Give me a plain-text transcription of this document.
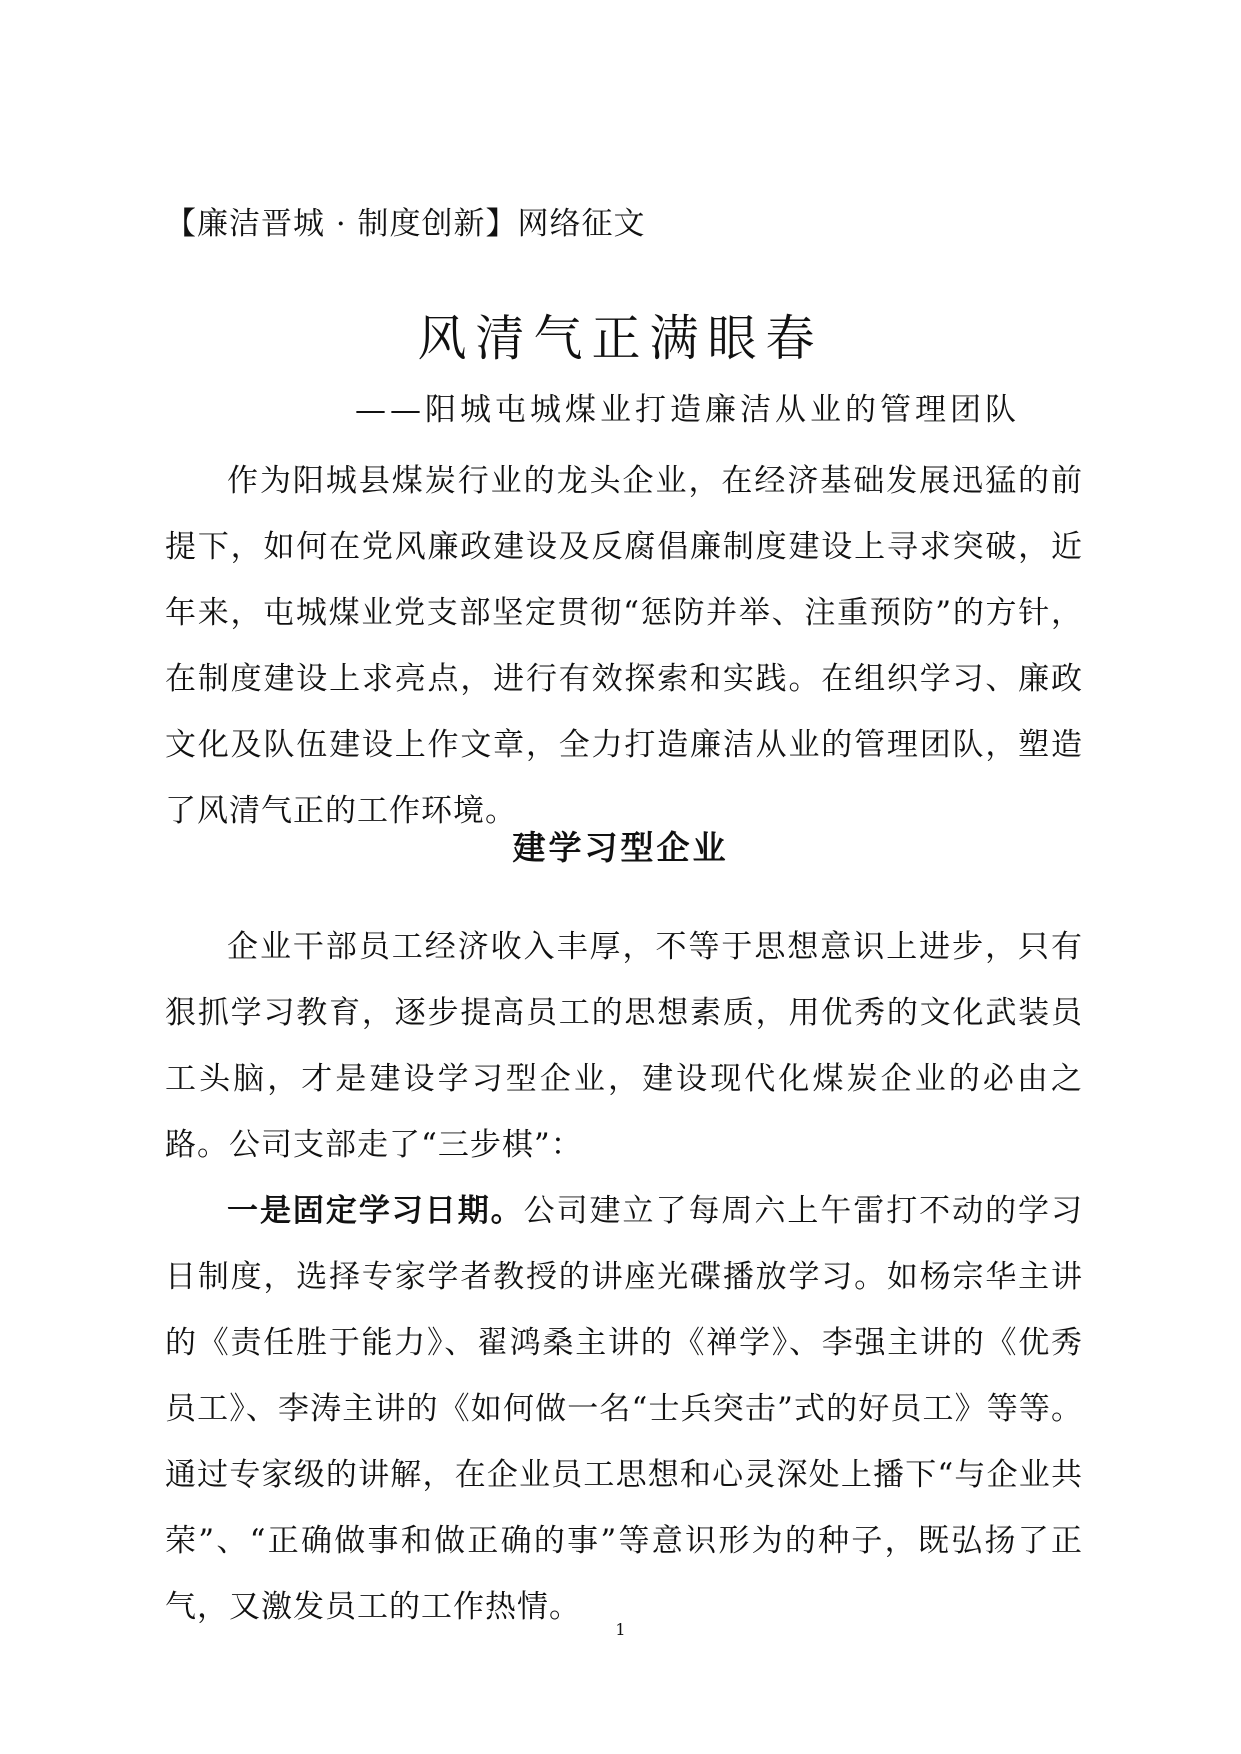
【廉洁晋城 · 制度创新】网络征文
风清气正满眼春
——阳城屯城煤业打造廉洁从业的管理团队

作为阳城县煤炭行业的龙头企业，在经济基础发展迅猛的前提下，如何在党风廉政建设及反腐倡廉制度建设上寻求突破，近年来，屯城煤业党支部坚定贯彻“惩防并举、注重预防”的方针，在制度建设上求亮点，进行有效探索和实践。在组织学习、廉政文化及队伍建设上作文章，全力打造廉洁从业的管理团队，塑造了风清气正的工作环境。

建学习型企业

企业干部员工经济收入丰厚，不等于思想意识上进步，只有狠抓学习教育，逐步提高员工的思想素质，用优秀的文化武装员工头脑，才是建设学习型企业，建设现代化煤炭企业的必由之路。公司支部走了“三步棋”：

一是固定学习日期。公司建立了每周六上午雷打不动的学习日制度，选择专家学者教授的讲座光碟播放学习。如杨宗华主讲的《责任胜于能力》、翟鸿桑主讲的《禅学》、李强主讲的《优秀员工》、李涛主讲的《如何做一名“士兵突击”式的好员工》等等。通过专家级的讲解，在企业员工思想和心灵深处上播下“与企业共荣”、“正确做事和做正确的事”等意识形为的种子，既弘扬了正气，又激发员工的工作热情。

1
